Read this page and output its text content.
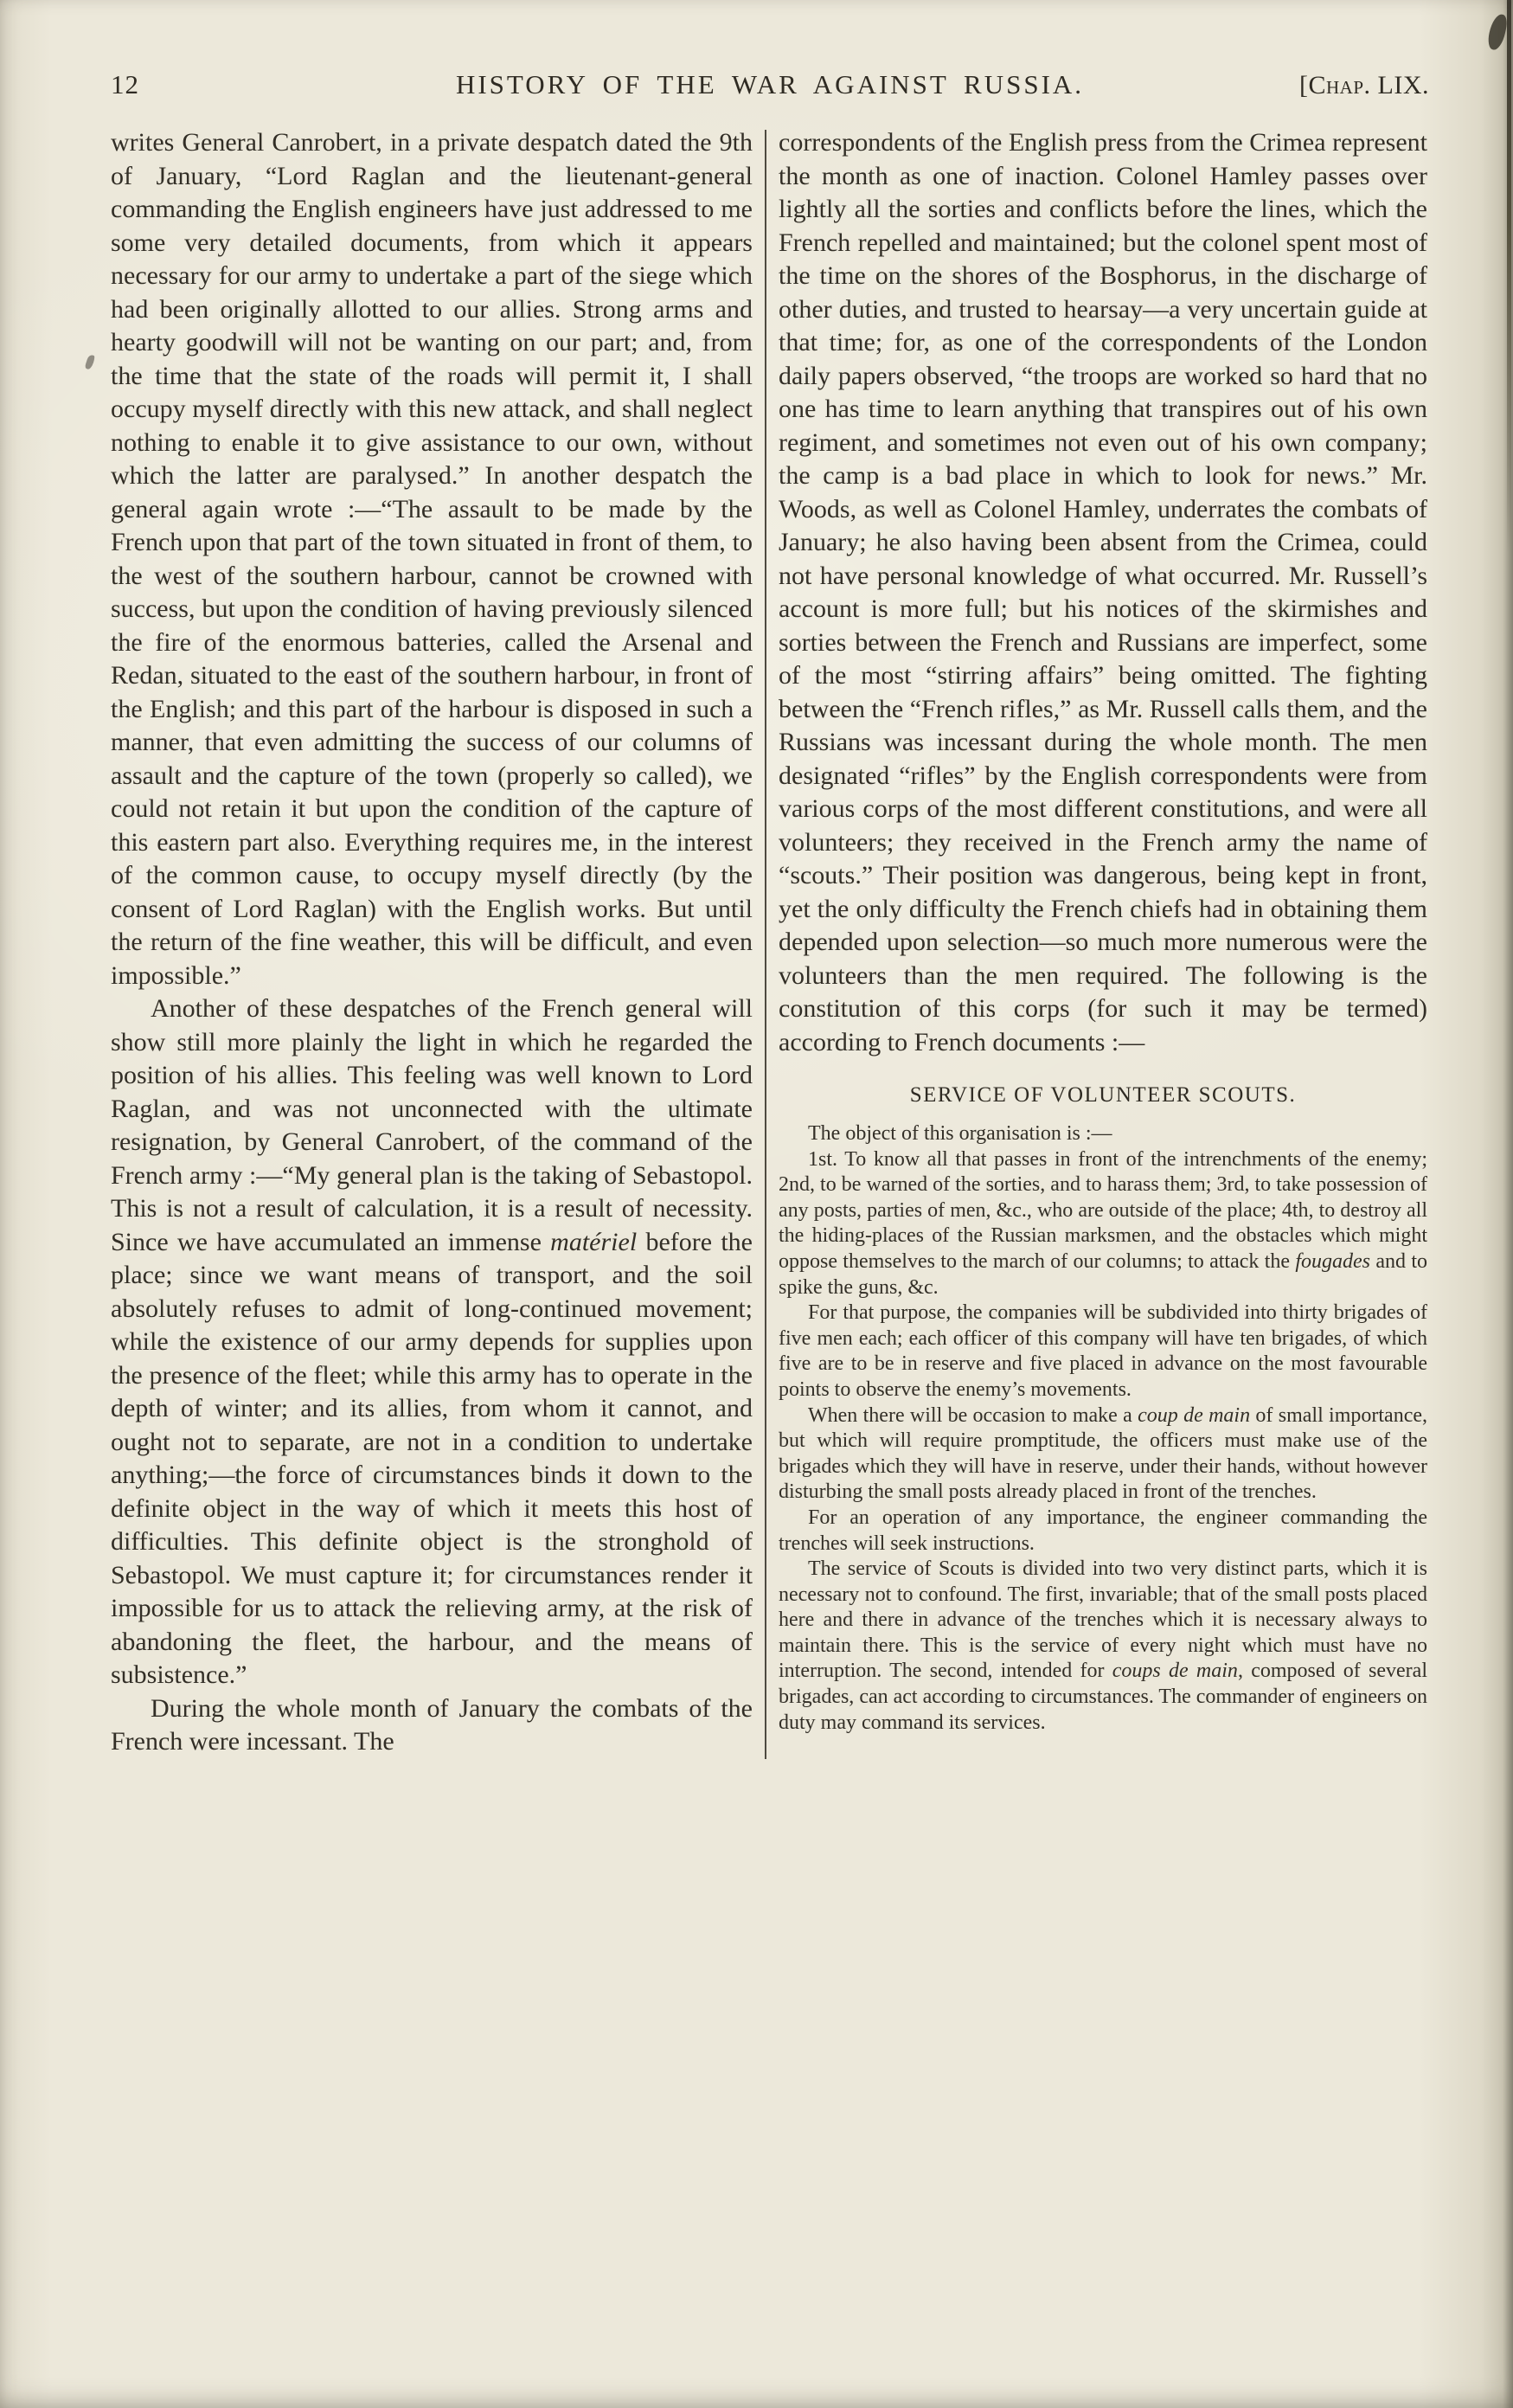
12	HISTORY OF THE WAR AGAINST RUSSIA.	[Chap. LIX.

writes General Canrobert, in a private despatch dated the 9th of January, “Lord Raglan and the lieutenant-general commanding the English engineers have just addressed to me some very detailed documents, from which it appears necessary for our army to undertake a part of the siege which had been originally allotted to our allies. Strong arms and hearty goodwill will not be wanting on our part; and, from the time that the state of the roads will permit it, I shall occupy myself directly with this new attack, and shall neglect nothing to enable it to give assistance to our own, without which the latter are paralysed.” In another despatch the general again wrote :—“The assault to be made by the French upon that part of the town situated in front of them, to the west of the southern harbour, cannot be crowned with success, but upon the condition of having previously silenced the fire of the enormous batteries, called the Arsenal and Redan, situated to the east of the southern harbour, in front of the English; and this part of the harbour is disposed in such a manner, that even admitting the success of our columns of assault and the capture of the town (properly so called), we could not retain it but upon the condition of the capture of this eastern part also. Everything requires me, in the interest of the common cause, to occupy myself directly (by the consent of Lord Raglan) with the English works. But until the return of the fine weather, this will be difficult, and even impossible.”

Another of these despatches of the French general will show still more plainly the light in which he regarded the position of his allies. This feeling was well known to Lord Raglan, and was not unconnected with the ultimate resignation, by General Canrobert, of the command of the French army :—“My general plan is the taking of Sebastopol. This is not a result of calculation, it is a result of necessity. Since we have accumulated an immense matériel before the place; since we want means of transport, and the soil absolutely refuses to admit of long-continued movement; while the existence of our army depends for supplies upon the presence of the fleet; while this army has to operate in the depth of winter; and its allies, from whom it cannot, and ought not to separate, are not in a condition to undertake anything;—the force of circumstances binds it down to the definite object in the way of which it meets this host of difficulties. This definite object is the stronghold of Sebastopol. We must capture it; for circumstances render it impossible for us to attack the relieving army, at the risk of abandoning the fleet, the harbour, and the means of subsistence.”

During the whole month of January the combats of the French were incessant. The

correspondents of the English press from the Crimea represent the month as one of inaction. Colonel Hamley passes over lightly all the sorties and conflicts before the lines, which the French repelled and maintained; but the colonel spent most of the time on the shores of the Bosphorus, in the discharge of other duties, and trusted to hearsay—a very uncertain guide at that time; for, as one of the correspondents of the London daily papers observed, “the troops are worked so hard that no one has time to learn anything that transpires out of his own regiment, and sometimes not even out of his own company; the camp is a bad place in which to look for news.” Mr. Woods, as well as Colonel Hamley, underrates the combats of January; he also having been absent from the Crimea, could not have personal knowledge of what occurred. Mr. Russell’s account is more full; but his notices of the skirmishes and sorties between the French and Russians are imperfect, some of the most “stirring affairs” being omitted. The fighting between the “French rifles,” as Mr. Russell calls them, and the Russians was incessant during the whole month. The men designated “rifles” by the English correspondents were from various corps of the most different constitutions, and were all volunteers; they received in the French army the name of “scouts.” Their position was dangerous, being kept in front, yet the only difficulty the French chiefs had in obtaining them depended upon selection—so much more numerous were the volunteers than the men required. The following is the constitution of this corps (for such it may be termed) according to French documents :—

SERVICE OF VOLUNTEER SCOUTS.

The object of this organisation is :—

1st. To know all that passes in front of the intrenchments of the enemy; 2nd, to be warned of the sorties, and to harass them; 3rd, to take possession of any posts, parties of men, &c., who are outside of the place; 4th, to destroy all the hiding-places of the Russian marksmen, and the obstacles which might oppose themselves to the march of our columns; to attack the fougades and to spike the guns, &c.

For that purpose, the companies will be subdivided into thirty brigades of five men each; each officer of this company will have ten brigades, of which five are to be in reserve and five placed in advance on the most favourable points to observe the enemy’s movements.

When there will be occasion to make a coup de main of small importance, but which will require promptitude, the officers must make use of the brigades which they will have in reserve, under their hands, without however disturbing the small posts already placed in front of the trenches.

For an operation of any importance, the engineer commanding the trenches will seek instructions.

The service of Scouts is divided into two very distinct parts, which it is necessary not to confound. The first, invariable; that of the small posts placed here and there in advance of the trenches which it is necessary always to maintain there. This is the service of every night which must have no interruption. The second, intended for coups de main, composed of several brigades, can act according to circumstances. The commander of engineers on duty may command its services.
